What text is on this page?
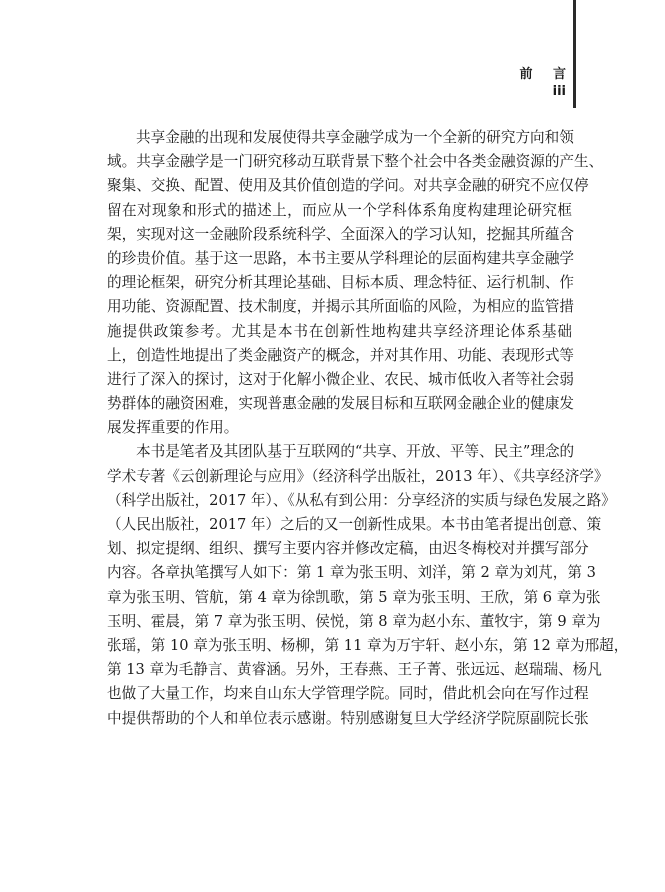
前 言
iii
共享金融的出现和发展使得共享金融学成为一个全新的研究方向和领
域。共享金融学是一门研究移动互联背景下整个社会中各类金融资源的产生、
聚集、交换、配置、使用及其价值创造的学问。对共享金融的研究不应仅停
留在对现象和形式的描述上，而应从一个学科体系角度构建理论研究框
架，实现对这一金融阶段系统科学、全面深入的学习认知，挖掘其所蕴含
的珍贵价值。基于这一思路，本书主要从学科理论的层面构建共享金融学
的理论框架，研究分析其理论基础、目标本质、理念特征、运行机制、作
用功能、资源配置、技术制度，并揭示其所面临的风险，为相应的监管措
施提供政策参考。尤其是本书在创新性地构建共享经济理论体系基础
上，创造性地提出了类金融资产的概念，并对其作用、功能、表现形式等
进行了深入的探讨，这对于化解小微企业、农民、城市低收入者等社会弱
势群体的融资困难，实现普惠金融的发展目标和互联网金融企业的健康发
展发挥重要的作用。
本书是笔者及其团队基于互联网的“共享、开放、平等、民主”理念的
学术专著《云创新理论与应用》（经济科学出版社，2013 年）、《共享经济学》
（科学出版社，2017 年）、《从私有到公用：分享经济的实质与绿色发展之路》
（人民出版社，2017 年）之后的又一创新性成果。本书由笔者提出创意、策
划、拟定提纲、组织、撰写主要内容并修改定稿，由迟冬梅校对并撰写部分
内容。各章执笔撰写人如下：第 1 章为张玉明、刘洋，第 2 章为刘芃，第 3
章为张玉明、管航，第 4 章为徐凯歌，第 5 章为张玉明、王欣，第 6 章为张
玉明、霍晨，第 7 章为张玉明、侯悦，第 8 章为赵小东、董牧宇，第 9 章为
张瑶，第 10 章为张玉明、杨柳，第 11 章为万宇轩、赵小东，第 12 章为邢超，
第 13 章为毛静言、黄睿涵。另外，王春燕、王子菁、张远远、赵瑞瑞、杨凡
也做了大量工作，均来自山东大学管理学院。同时，借此机会向在写作过程
中提供帮助的个人和单位表示感谢。特别感谢复旦大学经济学院原副院长张
